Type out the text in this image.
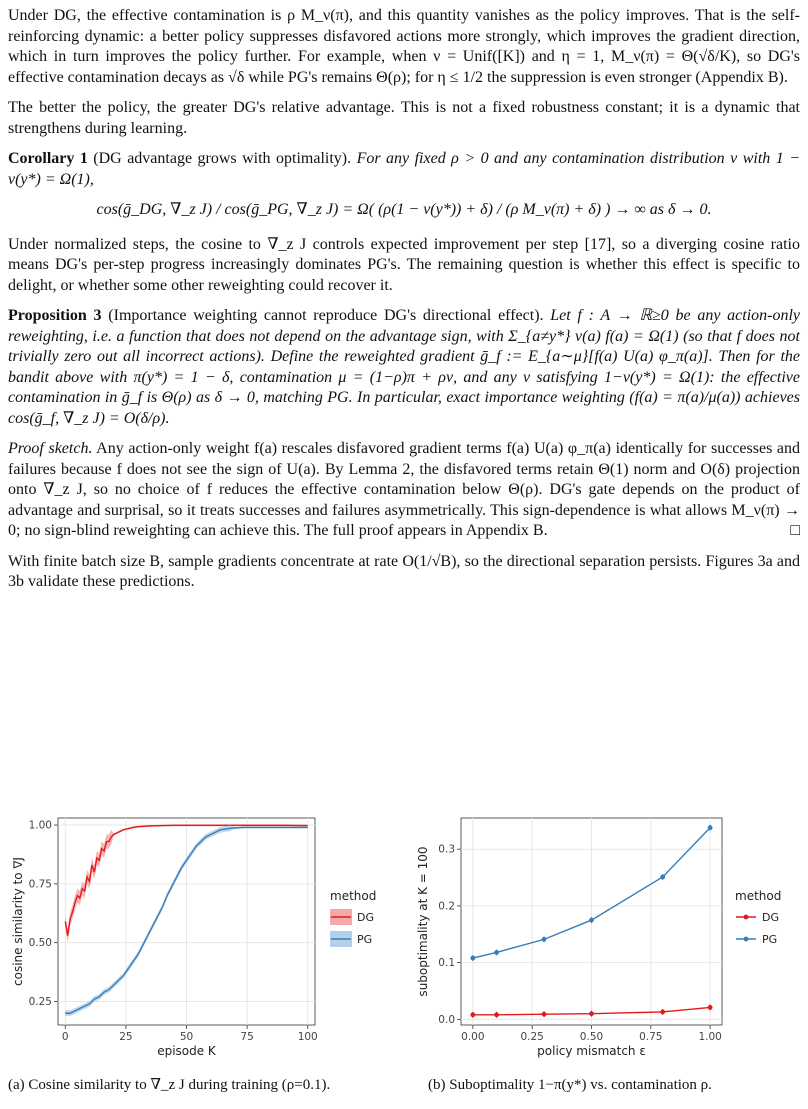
Under DG, the effective contamination is ρ M_ν(π), and this quantity vanishes as the policy improves. That is the self-reinforcing dynamic: a better policy suppresses disfavored actions more strongly, which improves the gradient direction, which in turn improves the policy further. For example, when ν = Unif([K]) and η = 1, M_ν(π) = Θ(√δ/K), so DG's effective contamination decays as √δ while PG's remains Θ(ρ); for η ≤ 1/2 the suppression is even stronger (Appendix B).

The better the policy, the greater DG's relative advantage. This is not a fixed robustness constant; it is a dynamic that strengthens during learning.

Corollary 1 (DG advantage grows with optimality). For any fixed ρ > 0 and any contamination distribution ν with 1 − ν(y*) = Ω(1),

cos(ḡ_DG, ∇_z J) / cos(ḡ_PG, ∇_z J) = Ω( (ρ(1 − ν(y*)) + δ) / (ρ M_ν(π) + δ) ) → ∞ as δ → 0.

Under normalized steps, the cosine to ∇_z J controls expected improvement per step [17], so a diverging cosine ratio means DG's per-step progress increasingly dominates PG's. The remaining question is whether this effect is specific to delight, or whether some other reweighting could recover it.

Proposition 3 (Importance weighting cannot reproduce DG's directional effect). Let f : A → ℝ≥0 be any action-only reweighting, i.e. a function that does not depend on the advantage sign, with Σ_{a≠y*} ν(a) f(a) = Ω(1) (so that f does not trivially zero out all incorrect actions). Define the reweighted gradient ḡ_f := E_{a∼μ}[f(a) U(a) φ_π(a)]. Then for the bandit above with π(y*) = 1 − δ, contamination μ = (1−ρ)π + ρν, and any ν satisfying 1−ν(y*) = Ω(1): the effective contamination in ḡ_f is Θ(ρ) as δ → 0, matching PG. In particular, exact importance weighting (f(a) = π(a)/μ(a)) achieves cos(ḡ_f, ∇_z J) = O(δ/ρ).

Proof sketch. Any action-only weight f(a) rescales disfavored gradient terms f(a) U(a) φ_π(a) identically for successes and failures because f does not see the sign of U(a). By Lemma 2, the disfavored terms retain Θ(1) norm and O(δ) projection onto ∇_z J, so no choice of f reduces the effective contamination below Θ(ρ). DG's gate depends on the product of advantage and surprisal, so it treats successes and failures asymmetrically. This sign-dependence is what allows M_ν(π) → 0; no sign-blind reweighting can achieve this. The full proof appears in Appendix B.	□

With finite batch size B, sample gradients concentrate at rate O(1/√B), so the directional separation persists. Figures 3a and 3b validate these predictions.

0	25	50	75	100
0.25
0.50
0.75
1.00
episode K
cosine similarity to ∇J	method
DG
PG
0.00	0.25	0.50	0.75	1.00
0.0
0.1
0.2
0.3
policy mismatch ε
suboptimality at K = 100	method
DG
PG
(a) Cosine similarity to ∇_z J during training (ρ=0.1).	(b) Suboptimality 1−π(y*) vs. contamination ρ.
